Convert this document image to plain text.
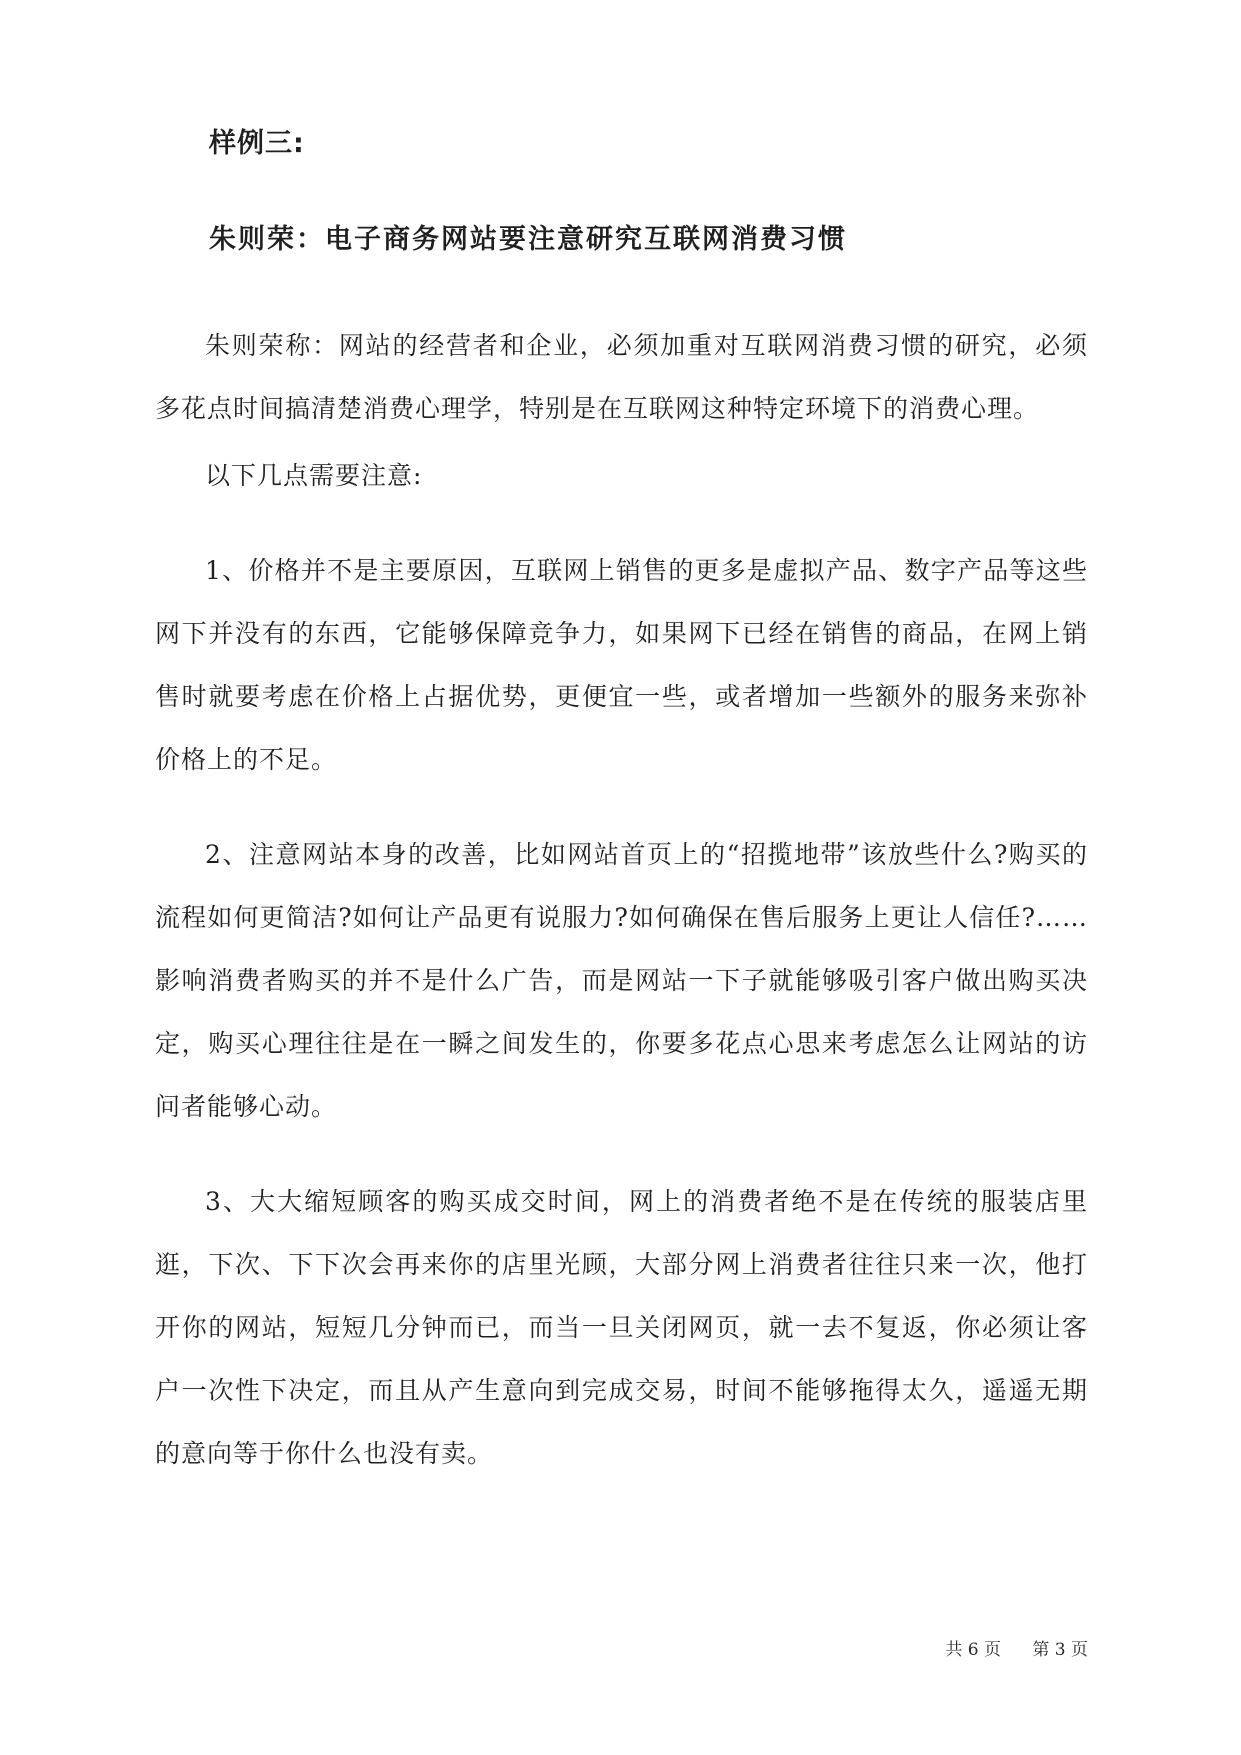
样例三:
朱则荣：电子商务网站要注意研究互联网消费习惯

朱则荣称：网站的经营者和企业，必须加重对互联网消费习惯的研究，必须多花点时间搞清楚消费心理学，特别是在互联网这种特定环境下的消费心理。

以下几点需要注意:

1、价格并不是主要原因，互联网上销售的更多是虚拟产品、数字产品等这些网下并没有的东西，它能够保障竞争力，如果网下已经在销售的商品，在网上销售时就要考虑在价格上占据优势，更便宜一些，或者增加一些额外的服务来弥补价格上的不足。

2、注意网站本身的改善，比如网站首页上的“招揽地带”该放些什么?购买的流程如何更简洁?如何让产品更有说服力?如何确保在售后服务上更让人信任?……影响消费者购买的并不是什么广告，而是网站一下子就能够吸引客户做出购买决定，购买心理往往是在一瞬之间发生的，你要多花点心思来考虑怎么让网站的访问者能够心动。

3、大大缩短顾客的购买成交时间，网上的消费者绝不是在传统的服装店里逛，下次、下下次会再来你的店里光顾，大部分网上消费者往往只来一次，他打开你的网站，短短几分钟而已，而当一旦关闭网页，就一去不复返，你必须让客户一次性下决定，而且从产生意向到完成交易，时间不能够拖得太久，遥遥无期的意向等于你什么也没有卖。

共 6 页 第 3 页
